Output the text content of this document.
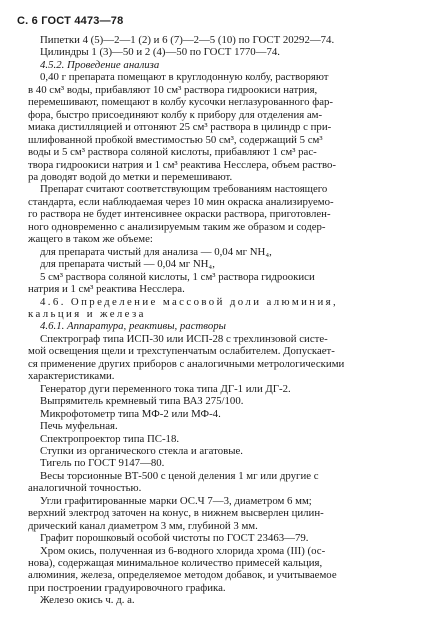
С. 6 ГОСТ 4473—78
Пипетки 4 (5)—2—1 (2) и 6 (7)—2—5 (10) по ГОСТ 20292—74.
Цилиндры 1 (3)—50 и 2 (4)—50 по ГОСТ 1770—74.
4.5.2. Проведение анализа
0,40 г препарата помещают в круглодонную колбу, растворяют
в 40 см³ воды, прибавляют 10 см³ раствора гидроокиси натрия,
перемешивают, помещают в колбу кусочки неглазурованного фар-
фора, быстро присоединяют колбу к прибору для отделения ам-
миака дистилляцией и отгоняют 25 см³ раствора в цилиндр с при-
шлифованной пробкой вместимостью 50 см³, содержащий 5 см³
воды и 5 см³ раствора соляной кислоты, прибавляют 1 см³ рас-
твора гидроокиси натрия и 1 см³ реактива Несслера, объем раство-
ра доводят водой до метки и перемешивают.
Препарат считают соответствующим требованиям настоящего
стандарта, если наблюдаемая через 10 мин окраска анализируемо-
го раствора не будет интенсивнее окраски раствора, приготовлен-
ного одновременно с анализируемым таким же образом и содер-
жащего в таком же объеме:
для препарата чистый для анализа — 0,04 мг NH₄,
для препарата чистый — 0,04 мг NH₄,
5 см³ раствора соляной кислоты, 1 см³ раствора гидроокиси
натрия и 1 см³ реактива Несслера.
4.6. Определение массовой доли алюминия,
кальция и железа
4.6.1. Аппаратура, реактивы, растворы
Спектрограф типа ИСП-30 или ИСП-28 с трехлинзовой систе-
мой освещения щели и трехступенчатым ослабителем. Допускает-
ся применение других приборов с аналогичными метрологическими
характеристиками.
Генератор дуги переменного тока типа ДГ-1 или ДГ-2.
Выпрямитель кремневый типа ВАЗ 275/100.
Микрофотометр типа МФ-2 или МФ-4.
Печь муфельная.
Спектропроектор типа ПС-18.
Ступки из органического стекла и агатовые.
Тигель по ГОСТ 9147—80.
Весы торсионные ВТ-500 с ценой деления 1 мг или другие с
аналогичной точностью.
Угли графитированные марки ОС.Ч 7—3, диаметром 6 мм;
верхний электрод заточен на конус, в нижнем высверлен цилин-
дрический канал диаметром 3 мм, глубиной 3 мм.
Графит порошковый особой чистоты по ГОСТ 23463—79.
Хром окись, полученная из 6-водного хлорида хрома (III) (ос-
нова), содержащая минимальное количество примесей кальция,
алюминия, железа, определяемое методом добавок, и учитываемое
при построении градуировочного графика.
Железо окись ч. д. а.
